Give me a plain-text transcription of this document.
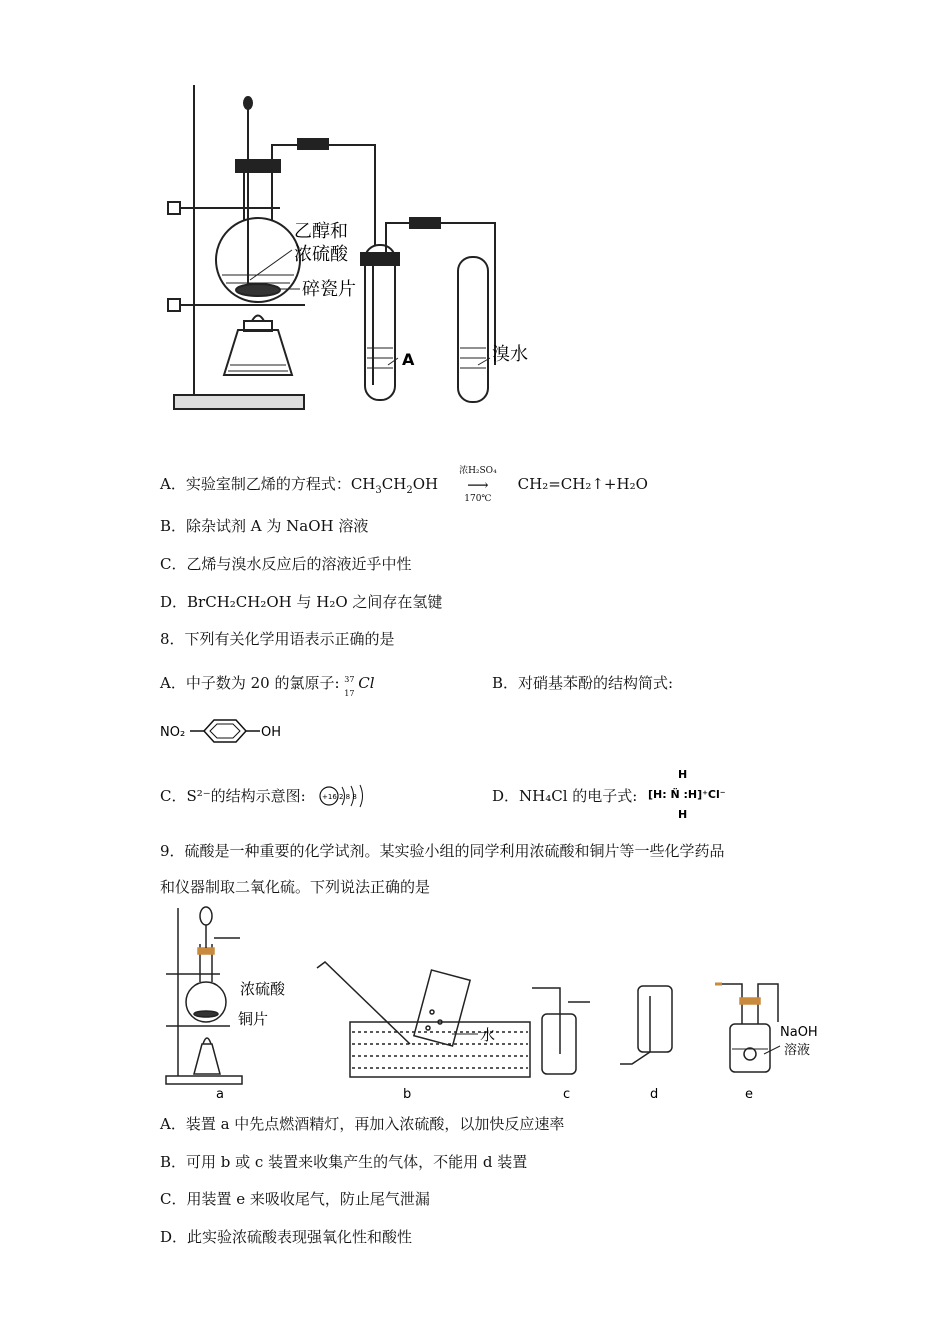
乙醇和
浓硫酸
碎瓷片
A	溴水
A．实验室制乙烯的方程式：$CH_3CH_2OH$
浓H₂SO₄
⟶
170℃
CH₂=CH₂↑+H₂O
B．除杂试剂 A 为 NaOH 溶液
C．乙烯与溴水反应后的溶液近乎中性
D．BrCH₂CH₂OH 与 H₂O 之间存在氢键
8．下列有关化学用语表示正确的是
A．中子数为 20 的氯原子: 37
17
Cl	B．对硝基苯酚的结构简式:
NO₂	OH
C．S²⁻的结构示意图: +16 2 8 8	D．NH₄Cl 的电子式:
H
[H: N̈ :H]⁺Cl⁻
H
9．硫酸是一种重要的化学试剂。某实验小组的同学利用浓硫酸和铜片等一些化学药品
和仪器制取二氧化硫。下列说法正确的是
浓硫酸
铜片
水	NaOH
溶液
a	b	c	d	e
A．装置 a 中先点燃酒精灯，再加入浓硫酸，以加快反应速率
B．可用 b 或 c 装置来收集产生的气体，不能用 d 装置
C．用装置 e 来吸收尾气，防止尾气泄漏
D．此实验浓硫酸表现强氧化性和酸性
